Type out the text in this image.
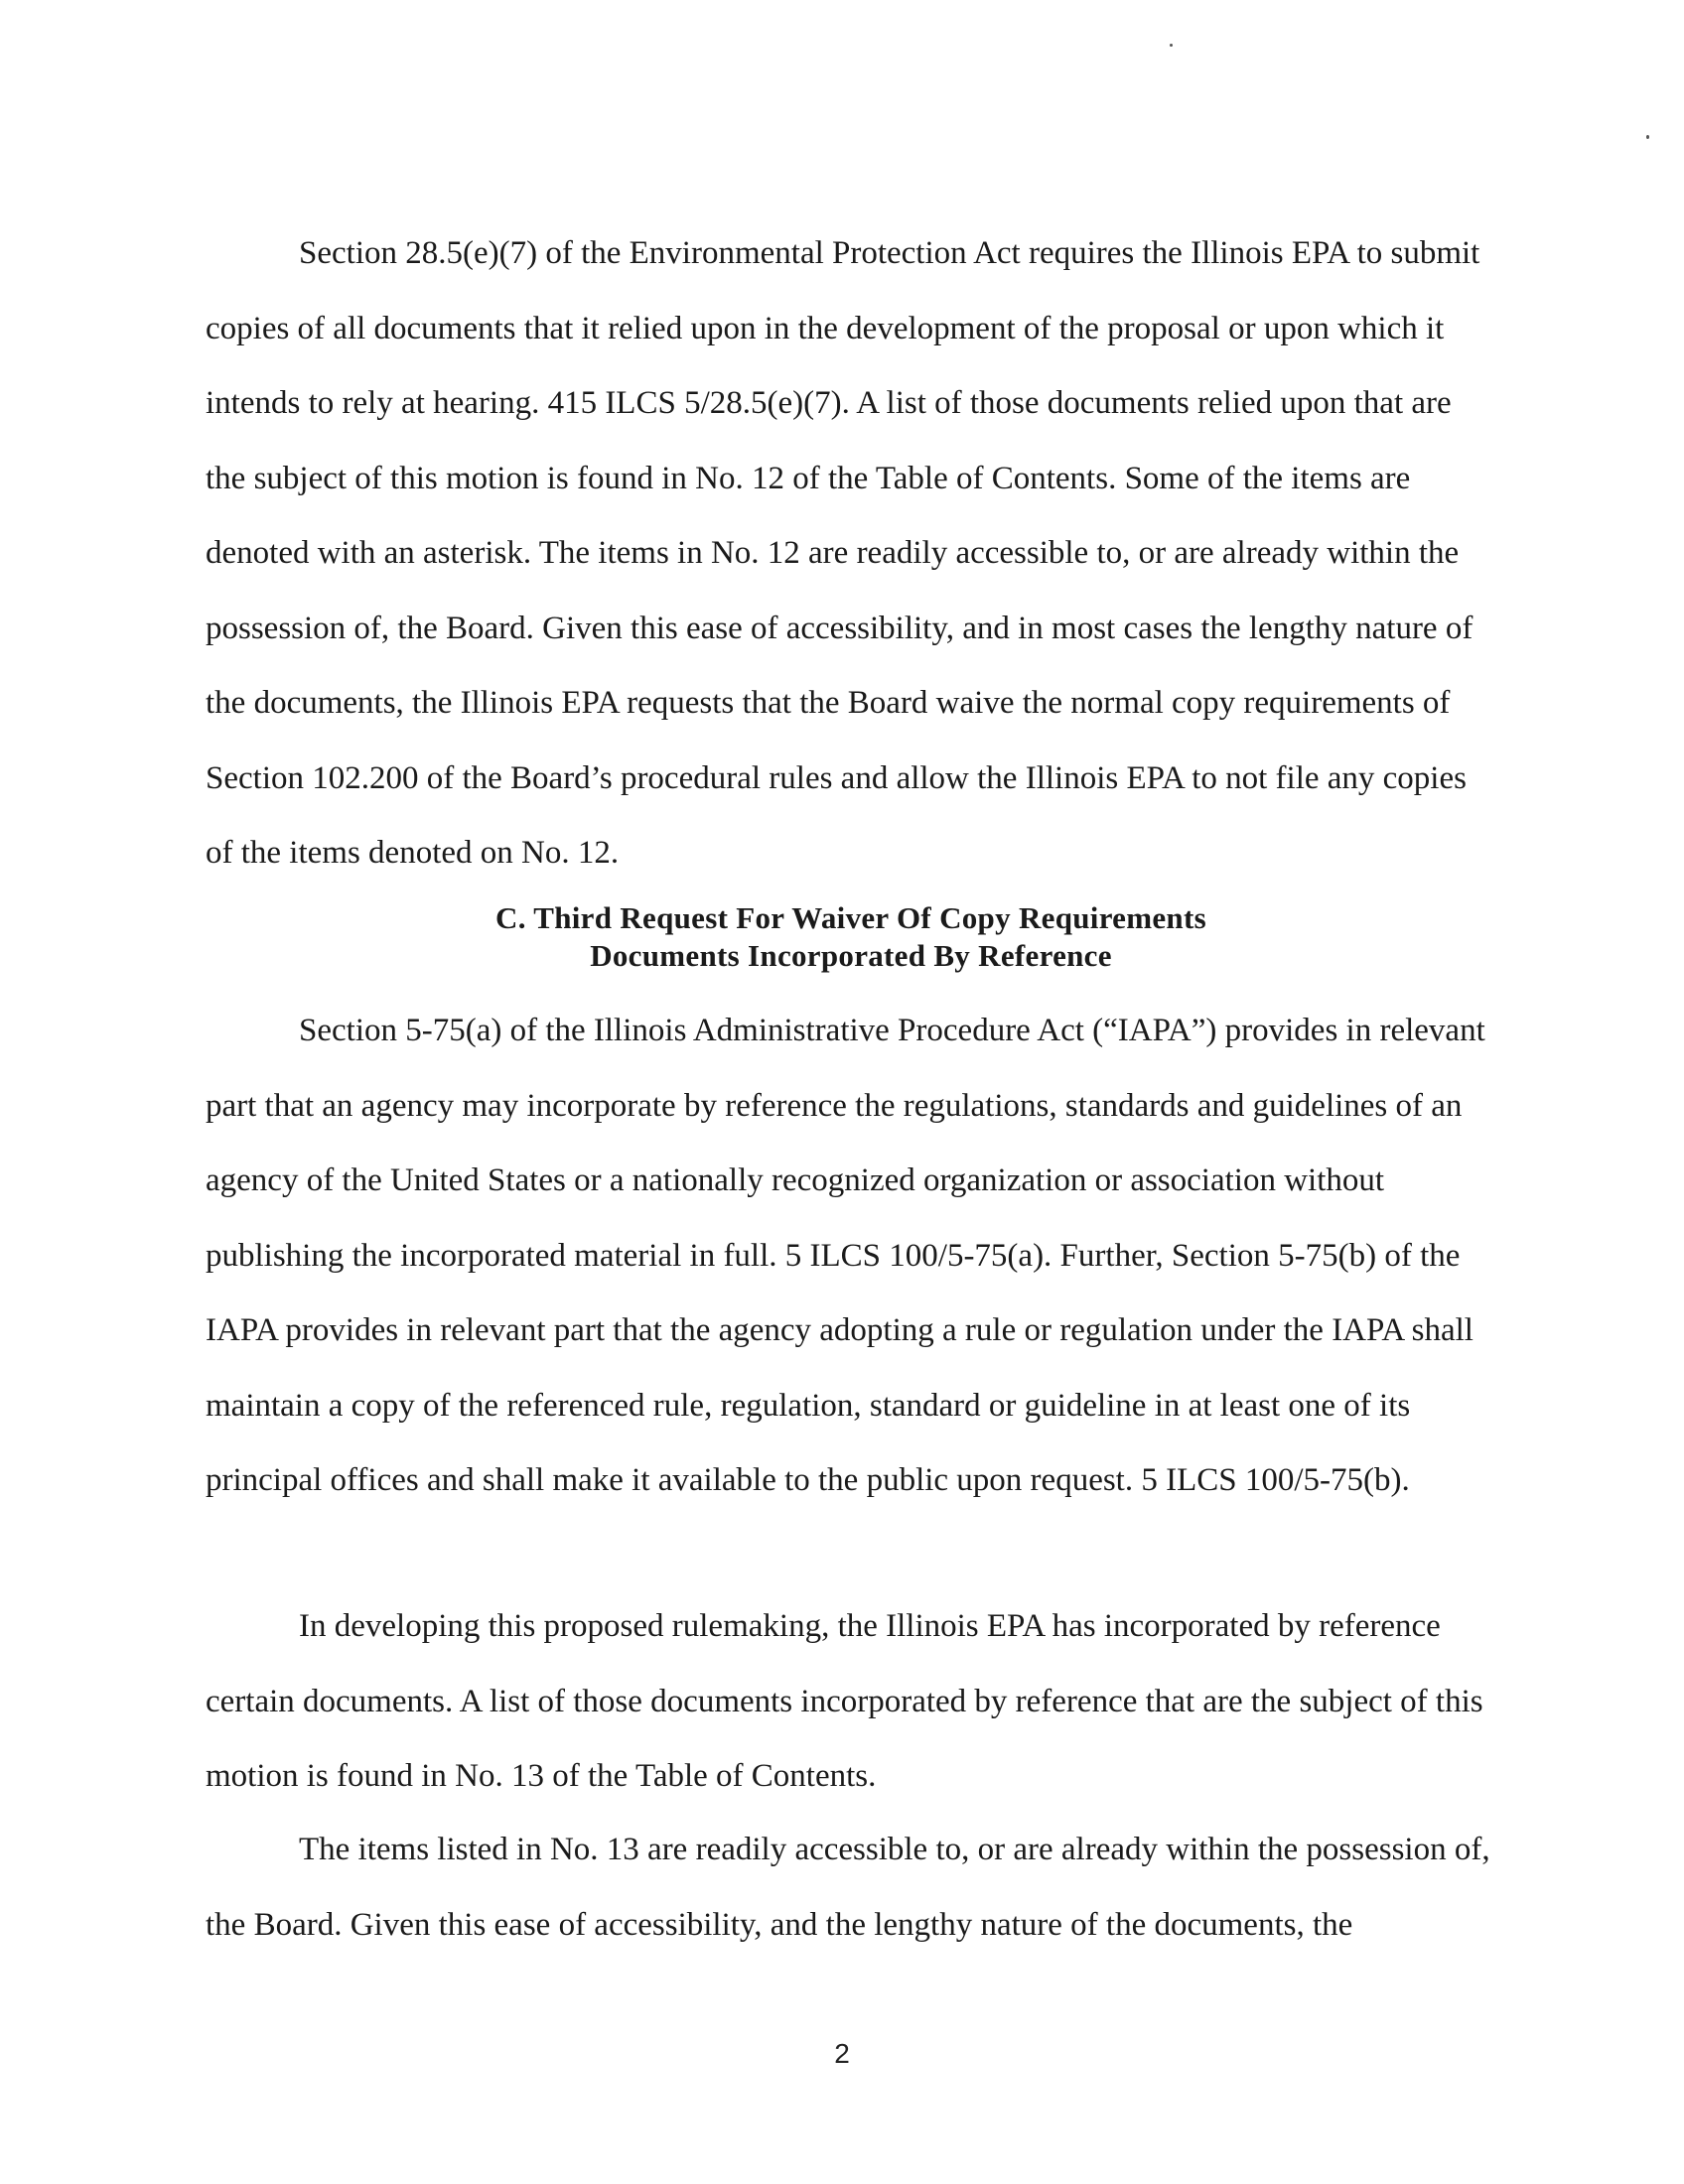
Section 28.5(e)(7) of the Environmental Protection Act requires the Illinois EPA to submit copies of all documents that it relied upon in the development of the proposal or upon which it intends to rely at hearing. 415 ILCS 5/28.5(e)(7). A list of those documents relied upon that are the subject of this motion is found in No. 12 of the Table of Contents. Some of the items are denoted with an asterisk. The items in No. 12 are readily accessible to, or are already within the possession of, the Board. Given this ease of accessibility, and in most cases the lengthy nature of the documents, the Illinois EPA requests that the Board waive the normal copy requirements of Section 102.200 of the Board’s procedural rules and allow the Illinois EPA to not file any copies of the items denoted on No. 12.

C. Third Request For Waiver Of Copy Requirements
Documents Incorporated By Reference

Section 5-75(a) of the Illinois Administrative Procedure Act (“IAPA”) provides in relevant part that an agency may incorporate by reference the regulations, standards and guidelines of an agency of the United States or a nationally recognized organization or association without publishing the incorporated material in full. 5 ILCS 100/5-75(a). Further, Section 5-75(b) of the IAPA provides in relevant part that the agency adopting a rule or regulation under the IAPA shall maintain a copy of the referenced rule, regulation, standard or guideline in at least one of its principal offices and shall make it available to the public upon request. 5 ILCS 100/5-75(b).

In developing this proposed rulemaking, the Illinois EPA has incorporated by reference certain documents. A list of those documents incorporated by reference that are the subject of this motion is found in No. 13 of the Table of Contents.

The items listed in No. 13 are readily accessible to, or are already within the possession of, the Board. Given this ease of accessibility, and the lengthy nature of the documents, the

2
